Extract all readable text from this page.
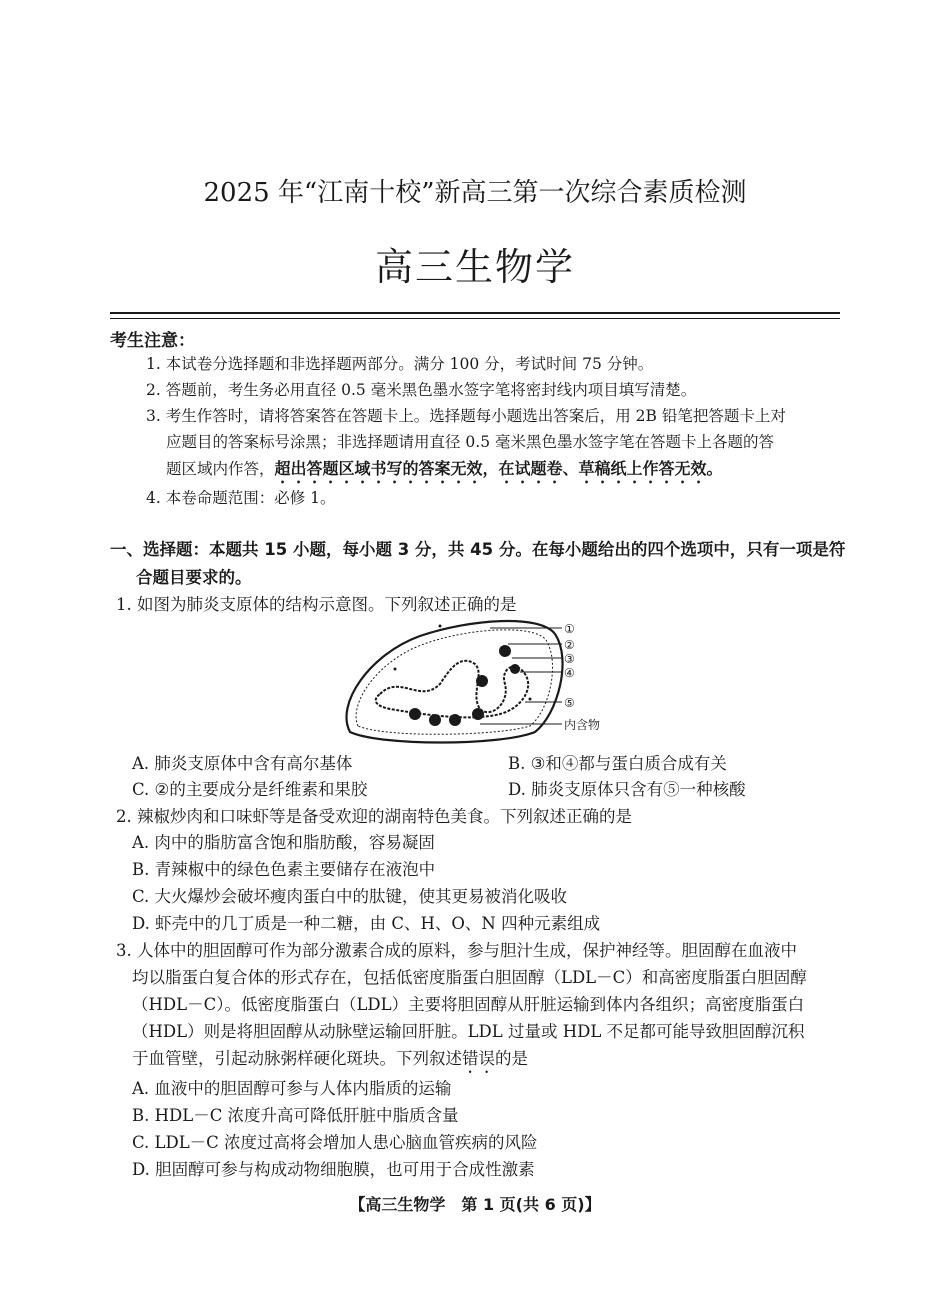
2025 年“江南十校”新高三第一次综合素质检测
高三生物学
考生注意：
1. 本试卷分选择题和非选择题两部分。满分 100 分，考试时间 75 分钟。
2. 答题前，考生务必用直径 0.5 毫米黑色墨水签字笔将密封线内项目填写清楚。
3. 考生作答时，请将答案答在答题卡上。选择题每小题选出答案后，用 2B 铅笔把答题卡上对
应题目的答案标号涂黑；非选择题请用直径 0.5 毫米黑色墨水签字笔在答题卡上各题的答
题区域内作答，超出答题区域书写的答案无效，在试题卷、草稿纸上作答无效。
4. 本卷命题范围：必修 1。
一、选择题：本题共 15 小题，每小题 3 分，共 45 分。在每小题给出的四个选项中，只有一项是符
合题目要求的。
1. 如图为肺炎支原体的结构示意图。下列叙述正确的是
①
②
③
④
⑤
内含物
A. 肺炎支原体中含有高尔基体	B. ③和④都与蛋白质合成有关
C. ②的主要成分是纤维素和果胶	D. 肺炎支原体只含有⑤一种核酸
2. 辣椒炒肉和口味虾等是备受欢迎的湖南特色美食。下列叙述正确的是
A. 肉中的脂肪富含饱和脂肪酸，容易凝固
B. 青辣椒中的绿色色素主要储存在液泡中
C. 大火爆炒会破坏瘦肉蛋白中的肽键，使其更易被消化吸收
D. 虾壳中的几丁质是一种二糖，由 C、H、O、N 四种元素组成
3. 人体中的胆固醇可作为部分激素合成的原料，参与胆汁生成，保护神经等。胆固醇在血液中
均以脂蛋白复合体的形式存在，包括低密度脂蛋白胆固醇（LDL－C）和高密度脂蛋白胆固醇
（HDL－C）。低密度脂蛋白（LDL）主要将胆固醇从肝脏运输到体内各组织；高密度脂蛋白
（HDL）则是将胆固醇从动脉壁运输回肝脏。LDL 过量或 HDL 不足都可能导致胆固醇沉积
于血管壁，引起动脉粥样硬化斑块。下列叙述错误的是
A. 血液中的胆固醇可参与人体内脂质的运输
B. HDL－C 浓度升高可降低肝脏中脂质含量
C. LDL－C 浓度过高将会增加人患心脑血管疾病的风险
D. 胆固醇可参与构成动物细胞膜，也可用于合成性激素
【高三生物学　第 1 页(共 6 页)】
